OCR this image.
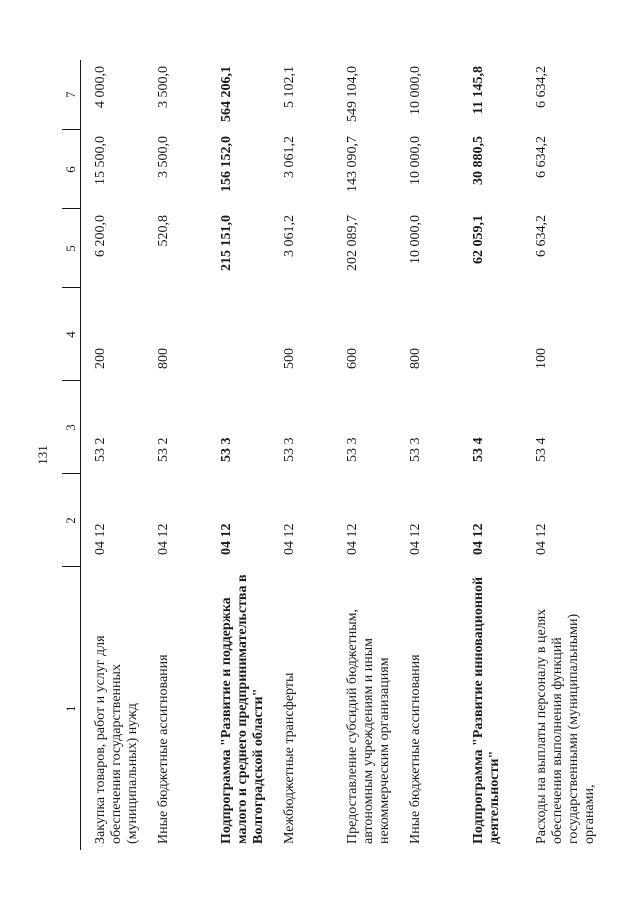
131
1	2	3	4	5	6	7

Закупка товаров, работ и услуг для обеспечения государственных (муниципальных) нужд	04 12	53 2	200	6 200,0	15 500,0	4 000,0

Иные бюджетные ассигнования	04 12	53 2	800	520,8	3 500,0	3 500,0

Подпрограмма "Развитие и поддержка малого и среднего предпринимательства в Волгоградской области"	04 12	53 3		215 151,0	156 152,0	564 206,1

Межбюджетные трансферты	04 12	53 3	500	3 061,2	3 061,2	5 102,1

Предоставление субсидий бюджетным, автономным учреждениям и иным некоммерческим организациям	04 12	53 3	600	202 089,7	143 090,7	549 104,0

Иные бюджетные ассигнования	04 12	53 3	800	10 000,0	10 000,0	10 000,0

Подпрограмма "Развитие инновационной деятельности"	04 12	53 4		62 059,1	30 880,5	11 145,8

Расходы на выплаты персоналу в целях обеспечения выполнения функций государственными (муниципальными) органами,	04 12	53 4	100	6 634,2	6 634,2	6 634,2
